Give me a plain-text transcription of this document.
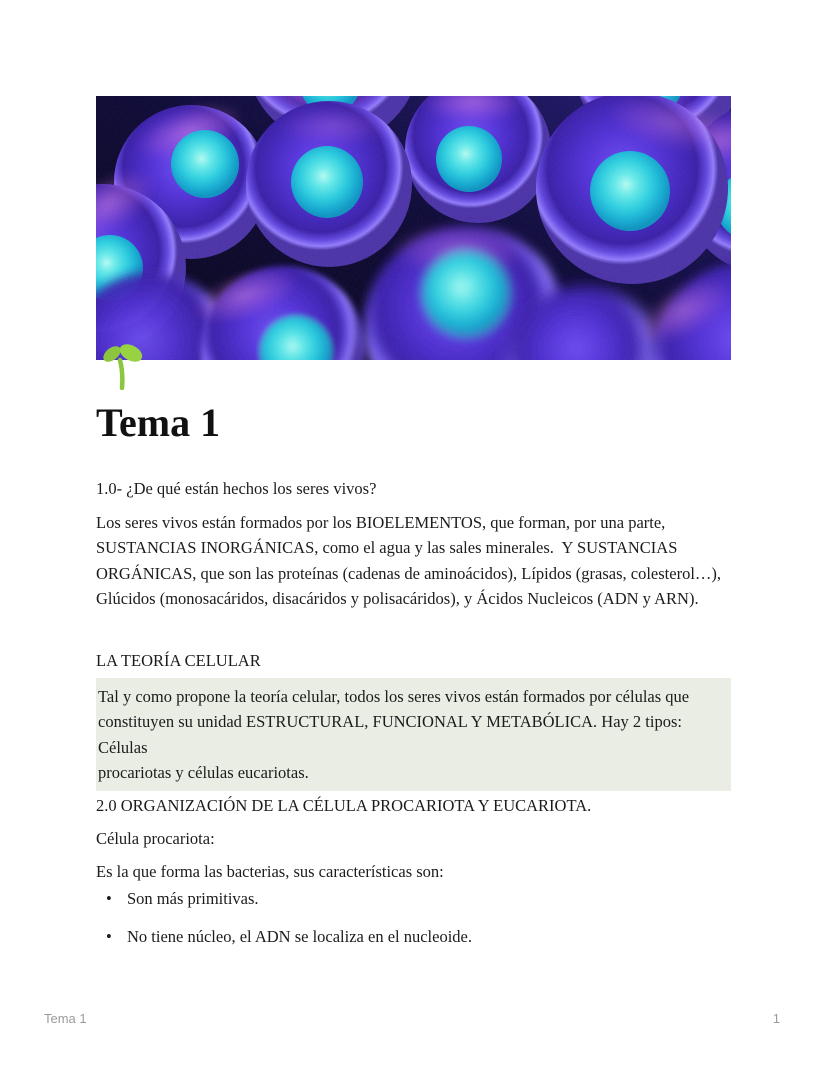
Tema 1
1.0- ¿De qué están hechos los seres vivos?
Los seres vivos están formados por los BIOELEMENTOS, que forman, por una parte,
SUSTANCIAS INORGÁNICAS, como el agua y las sales minerales.  Y SUSTANCIAS
ORGÁNICAS, que son las proteínas (cadenas de aminoácidos), Lípidos (grasas, colesterol…),
Glúcidos (monosacáridos, disacáridos y polisacáridos), y Ácidos Nucleicos (ADN y ARN).
LA TEORÍA CELULAR
Tal y como propone la teoría celular, todos los seres vivos están formados por células que
constituyen su unidad ESTRUCTURAL, FUNCIONAL Y METABÓLICA. Hay 2 tipos: Células
procariotas y células eucariotas.
2.0 ORGANIZACIÓN DE LA CÉLULA PROCARIOTA Y EUCARIOTA.
Célula procariota:
Es la que forma las bacterias, sus características son:
• Son más primitivas.
• No tiene núcleo, el ADN se localiza en el nucleoide.
Tema 1	1
